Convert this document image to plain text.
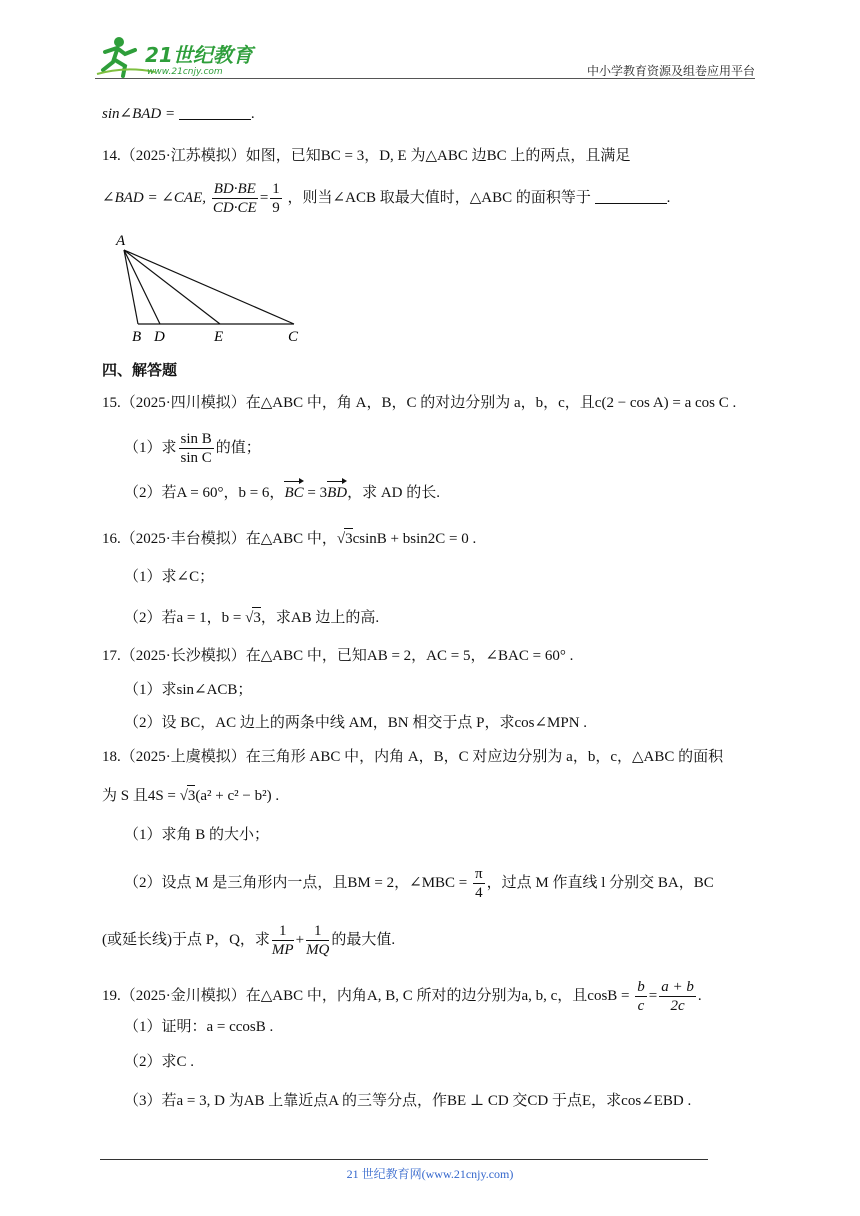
21世纪教育
www.21cnjy.com	中小学教育资源及组卷应用平台
sin∠BAD =	.
14.（2025·江苏模拟）如图，已知BC = 3，D, E 为△ABC 边BC 上的两点，且满足
∠BAD = ∠CAE, $\frac{BD\cdot BE}{CD\cdot CE} = \frac{1}{9}$ ，则当∠ACB 取最大值时，△ABC 的面积等于	.
A
B D	E	C
四、解答题
15.（2025·四川模拟）在△ABC 中，角 A，B，C 的对边分别为 a，b，c，且c(2 − cos A) = a cos C .
（1）求 $\frac{\text{sin B}}{\text{sin C}}$ 的值；
（2）若A = 60°，b = 6，BC = 3BD，求 AD 的长.
16.（2025·丰台模拟）在△ABC 中，√3csinB + bsin2C = 0 .
（1）求∠C；
（2）若a = 1，b = √3，求AB 边上的高.
17.（2025·长沙模拟）在△ABC 中，已知AB = 2，AC = 5，∠BAC = 60° .
（1）求sin∠ACB；
（2）设 BC，AC 边上的两条中线 AM，BN 相交于点 P，求cos∠MPN .
18.（2025·上虞模拟）在三角形 ABC 中，内角 A，B，C 对应边分别为 a，b，c，△ABC 的面积
为 S 且4S = √3(a² + c² − b²) .
（1）求角 B 的大小；
（2）设点 M 是三角形内一点，且BM = 2，∠MBC = $\frac{\pi}{4}$ ，过点 M 作直线 l 分别交 BA，BC
(或延长线)于点 P，Q，求 $\frac{1}{MP} + \frac{1}{MQ}$ 的最大值.
19.（2025·金川模拟）在△ABC 中，内角A, B, C 所对的边分别为a, b, c，且$\cos B = \frac{b}{c} = \frac{a + b}{2c}$ .
（1）证明：a = ccosB .
（2）求C .
（3）若a = 3, D 为AB 上靠近点A 的三等分点，作BE ⊥ CD 交CD 于点E，求cos∠EBD .
21 世纪教育网(www.21cnjy.com)
